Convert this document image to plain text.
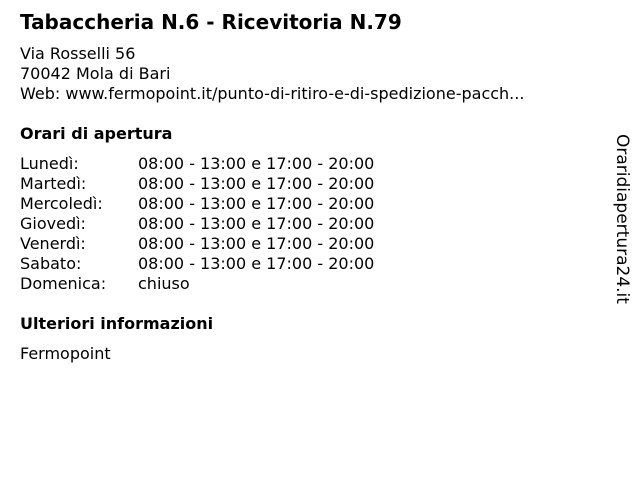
Tabaccheria N.6 - Ricevitoria N.79
Via Rosselli 56
70042 Mola di Bari
Web: www.fermopoint.it/punto-di-ritiro-e-di-spedizione-pacch...
Orari di apertura
Lunedì:	08:00 - 13:00 e 17:00 - 20:00
Martedì:	08:00 - 13:00 e 17:00 - 20:00
Mercoledì: 08:00 - 13:00 e 17:00 - 20:00
Giovedì:	08:00 - 13:00 e 17:00 - 20:00
Venerdì:	08:00 - 13:00 e 17:00 - 20:00
Sabato:	08:00 - 13:00 e 17:00 - 20:00
Domenica: chiuso
Ulteriori informazioni
Fermopoint
Oraridiapertura24.it
